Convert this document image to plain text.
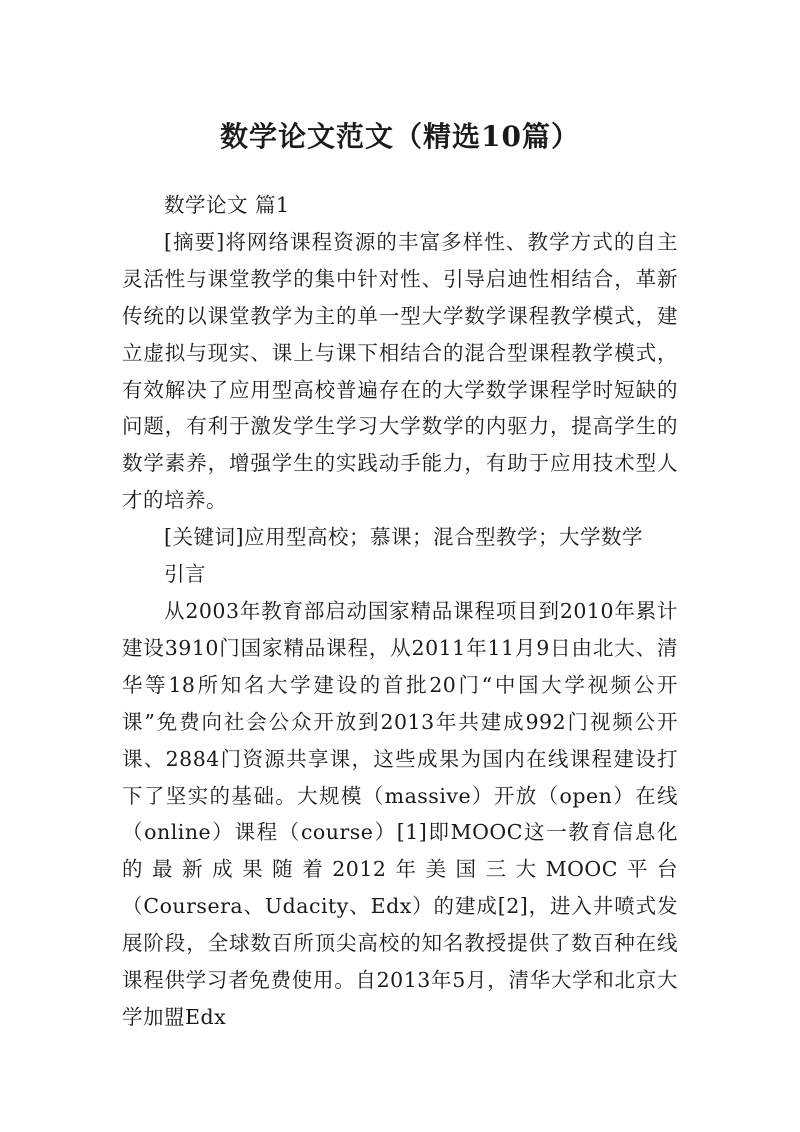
数学论文范文（精选10篇）

数学论文 篇1

[摘要]将网络课程资源的丰富多样性、教学方式的自主灵活性与课堂教学的集中针对性、引导启迪性相结合，革新传统的以课堂教学为主的单一型大学数学课程教学模式，建立虚拟与现实、课上与课下相结合的混合型课程教学模式，有效解决了应用型高校普遍存在的大学数学课程学时短缺的问题，有利于激发学生学习大学数学的内驱力，提高学生的数学素养，增强学生的实践动手能力，有助于应用技术型人才的培养。

[关键词]应用型高校；慕课；混合型教学；大学数学

引言

从2003年教育部启动国家精品课程项目到2010年累计建设3910门国家精品课程，从2011年11月9日由北大、清华等18所知名大学建设的首批20门“中国大学视频公开课”免费向社会公众开放到2013年共建成992门视频公开课、2884门资源共享课，这些成果为国内在线课程建设打下了坚实的基础。大规模（massive）开放（open）在线（online）课程（course）[1]即MOOC这一教育信息化的最新成果随着2012年美国三大MOOC平台（Coursera、Udacity、Edx）的建成[2]，进入井喷式发展阶段，全球数百所顶尖高校的知名教授提供了数百种在线课程供学习者免费使用。自2013年5月，清华大学和北京大学加盟Edx
